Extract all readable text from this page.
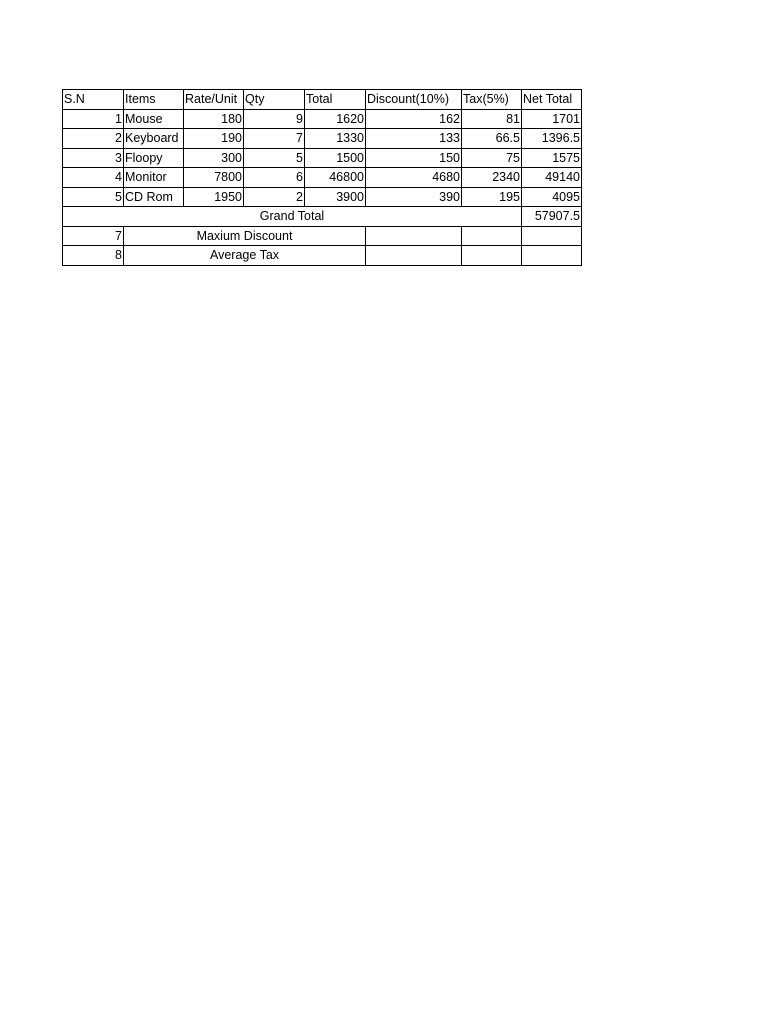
S.N	Items	Rate/Unit	Qty	Total	Discount(10%)	Tax(5%)	Net Total
1	Mouse	180	9	1620	162	81	1701
2	Keyboard	190	7	1330	133	66.5	1396.5
3	Floopy	300	5	1500	150	75	1575
4	Monitor	7800	6	46800	4680	2340	49140
5	CD Rom	1950	2	3900	390	195	4095
Grand Total							57907.5
7	Maxium Discount						
8	Average Tax						
